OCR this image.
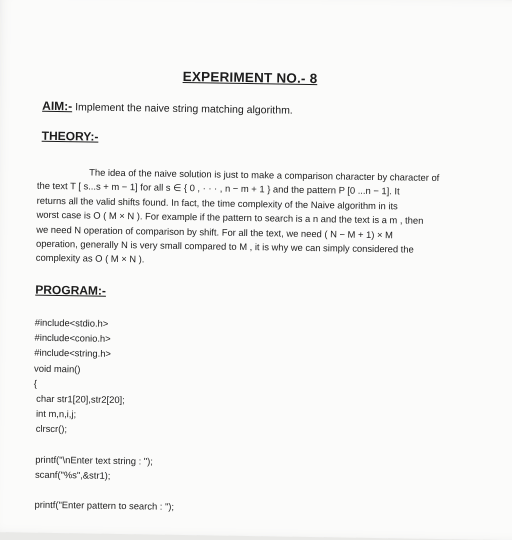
EXPERIMENT NO.- 8
AIM:- Implement the naive string matching algorithm.
THEORY:-
The idea of the naive solution is just to make a comparison character by character of
the text T [ s...s + m − 1] for all s ∈ { 0 , · · · , n − m + 1 } and the pattern P [0 ...n − 1]. It
returns all the valid shifts found. In fact, the time complexity of the Naive algorithm in its
worst case is O ( M × N ). For example if the pattern to search is a n and the text is a m , then
we need N operation of comparison by shift. For all the text, we need ( N − M + 1) × M
operation, generally N is very small compared to M , it is why we can simply considered the
complexity as O ( M × N ).
PROGRAM:-
#include<stdio.h>
#include<conio.h>
#include<string.h>
void main()
{
char str1[20],str2[20];
int m,n,i,j;
clrscr();
printf("\nEnter text string : ");
scanf("%s",&str1);
printf("Enter pattern to search : ");
